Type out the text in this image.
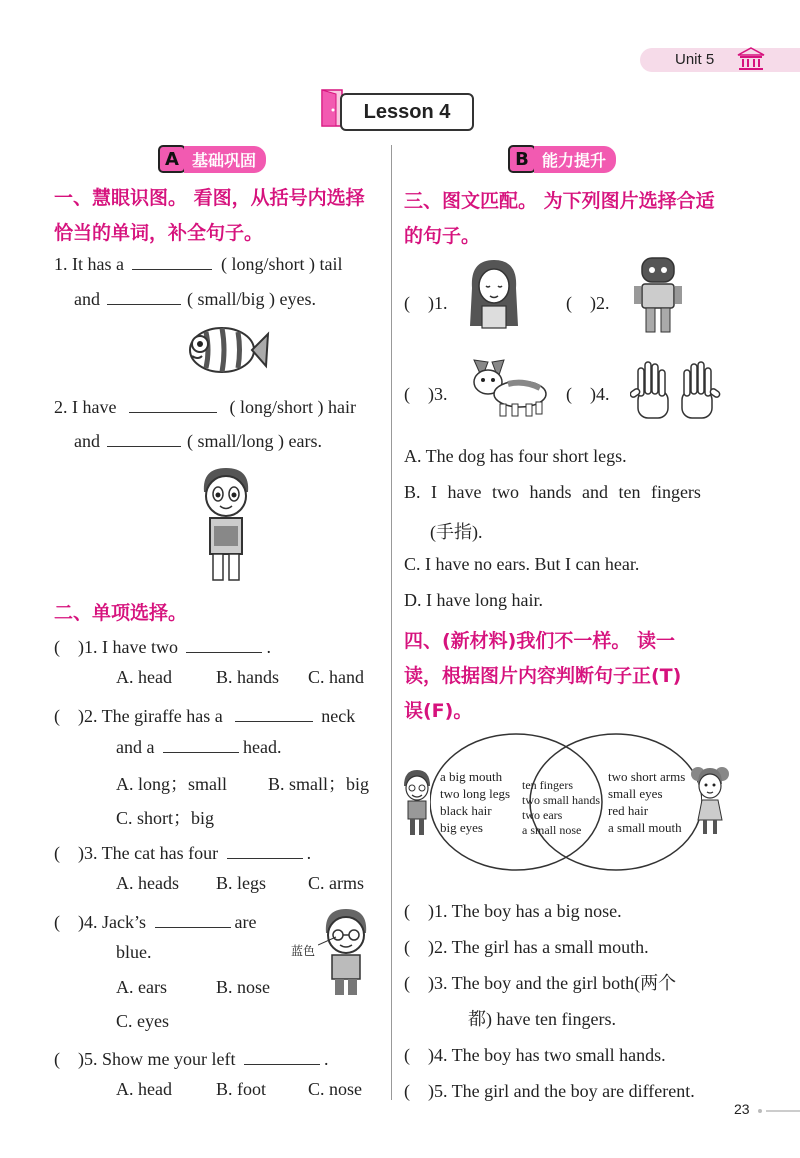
Unit 5
Lesson 4
A 基础巩固	B 能力提升
一、慧眼识图。 看图，从括号内选择
恰当的单词，补全句子。
1. It has a	( long/short ) tail
and	( small/big ) eyes.
2. I have	( long/short ) hair
and	( small/long ) ears.
二、单项选择。
(　)1. I have two	.
A. head B. hands C. hand
(　)2. The giraffe has a	neck
and a	head.
A. long；small B. small；big
C. short；big
(　)3. The cat has four	.
A. heads B. legs C. arms
(　)4. Jack’s	are
blue.	蓝色
A. ears	B. nose
C. eyes
(　)5. Show me your left	.
A. head B. foot C. nose
三、图文匹配。 为下列图片选择合适
的句子。
(　)1.	(　)2.
(　)3.	(　)4.
A. The dog has four short legs.
B. I have two hands and ten fingers
(手指).
C. I have no ears. But I can hear.
D. I have long hair.
四、(新材料)我们不一样。 读一
读，根据图片内容判断句子正(T)
误(F)。
a big mouth
two long legs
black hair
big eyes
ten fingers
two small hands
two ears
a small nose
two short arms
small eyes
red hair
a small mouth
(　)1. The boy has a big nose.
(　)2. The girl has a small mouth.
(　)3. The boy and the girl both(两个
都) have ten fingers.
(　)4. The boy has two small hands.
(　)5. The girl and the boy are different.
23
